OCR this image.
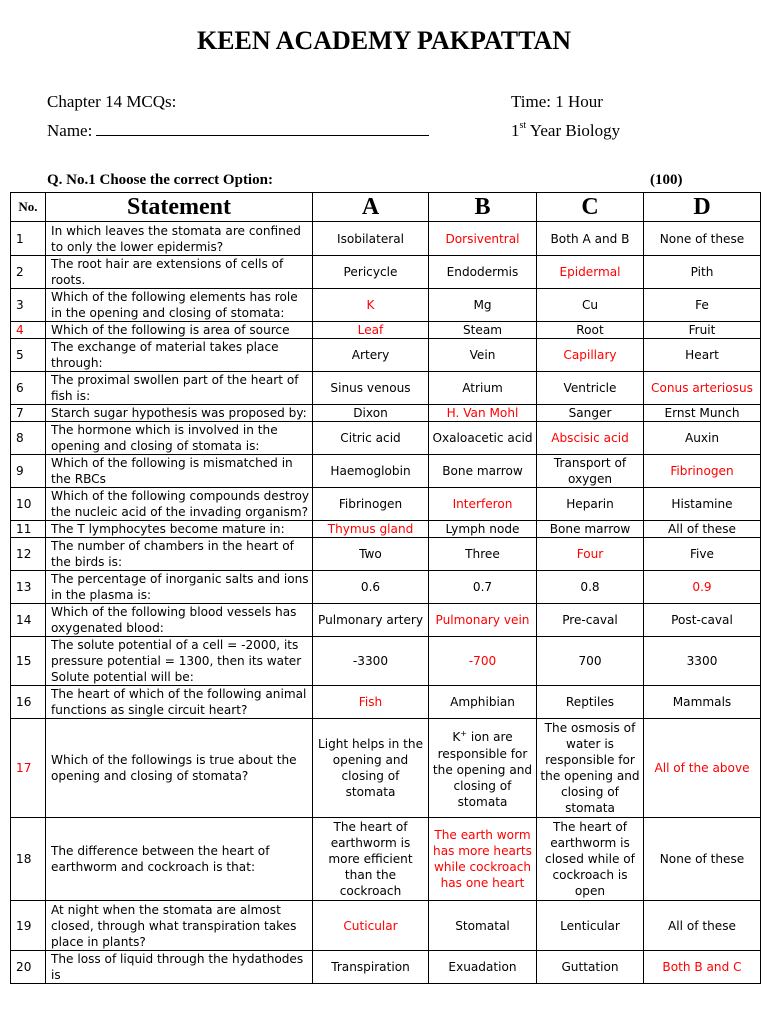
KEEN ACADEMY PAKPATTAN
Chapter 14 MCQs:	Time: 1 Hour
Name:	1st Year Biology
Q. No.1 Choose the correct Option:	(100)
No.	Statement	A	B	C	D
1	In which leaves the stomata are confined to only the lower epidermis?	Isobilateral	Dorsiventral	Both A and B	None of these
2	The root hair are extensions of cells of roots.	Pericycle	Endodermis	Epidermal	Pith
3	Which of the following elements has role in the opening and closing of stomata:	K	Mg	Cu	Fe
4	Which of the following is area of source	Leaf	Steam	Root	Fruit
5	The exchange of material takes place through:	Artery	Vein	Capillary	Heart
6	The proximal swollen part of the heart of fish is:	Sinus venous	Atrium	Ventricle	Conus arteriosus
7	Starch sugar hypothesis was proposed by:	Dixon	H. Van Mohl	Sanger	Ernst Munch
8	The hormone which is involved in the opening and closing of stomata is:	Citric acid	Oxaloacetic acid	Abscisic acid	Auxin
9	Which of the following is mismatched in the RBCs	Haemoglobin	Bone marrow	Transport of oxygen	Fibrinogen
10	Which of the following compounds destroy the nucleic acid of the invading organism?	Fibrinogen	Interferon	Heparin	Histamine
11	The T lymphocytes become mature in:	Thymus gland	Lymph node	Bone marrow	All of these
12	The number of chambers in the heart of the birds is:	Two	Three	Four	Five
13	The percentage of inorganic salts and ions in the plasma is:	0.6	0.7	0.8	0.9
14	Which of the following blood vessels has oxygenated blood:	Pulmonary artery	Pulmonary vein	Pre-caval	Post-caval
15	The solute potential of a cell = -2000, its pressure potential = 1300, then its water Solute potential will be:	-3300	-700	700	3300
16	The heart of which of the following animal functions as single circuit heart?	Fish	Amphibian	Reptiles	Mammals
17	Which of the followings is true about the opening and closing of stomata?	Light helps in the opening and closing of stomata	K+ ion are responsible for the opening and closing of stomata	The osmosis of water is responsible for the opening and closing of stomata	All of the above
18	The difference between the heart of earthworm and cockroach is that:	The heart of earthworm is more efficient than the cockroach	The earth worm has more hearts while cockroach has one heart	The heart of earthworm is closed while of cockroach is open	None of these
19	At night when the stomata are almost closed, through what transpiration takes place in plants?	Cuticular	Stomatal	Lenticular	All of these
20	The loss of liquid through the hydathodes is	Transpiration	Exuadation	Guttation	Both B and C
